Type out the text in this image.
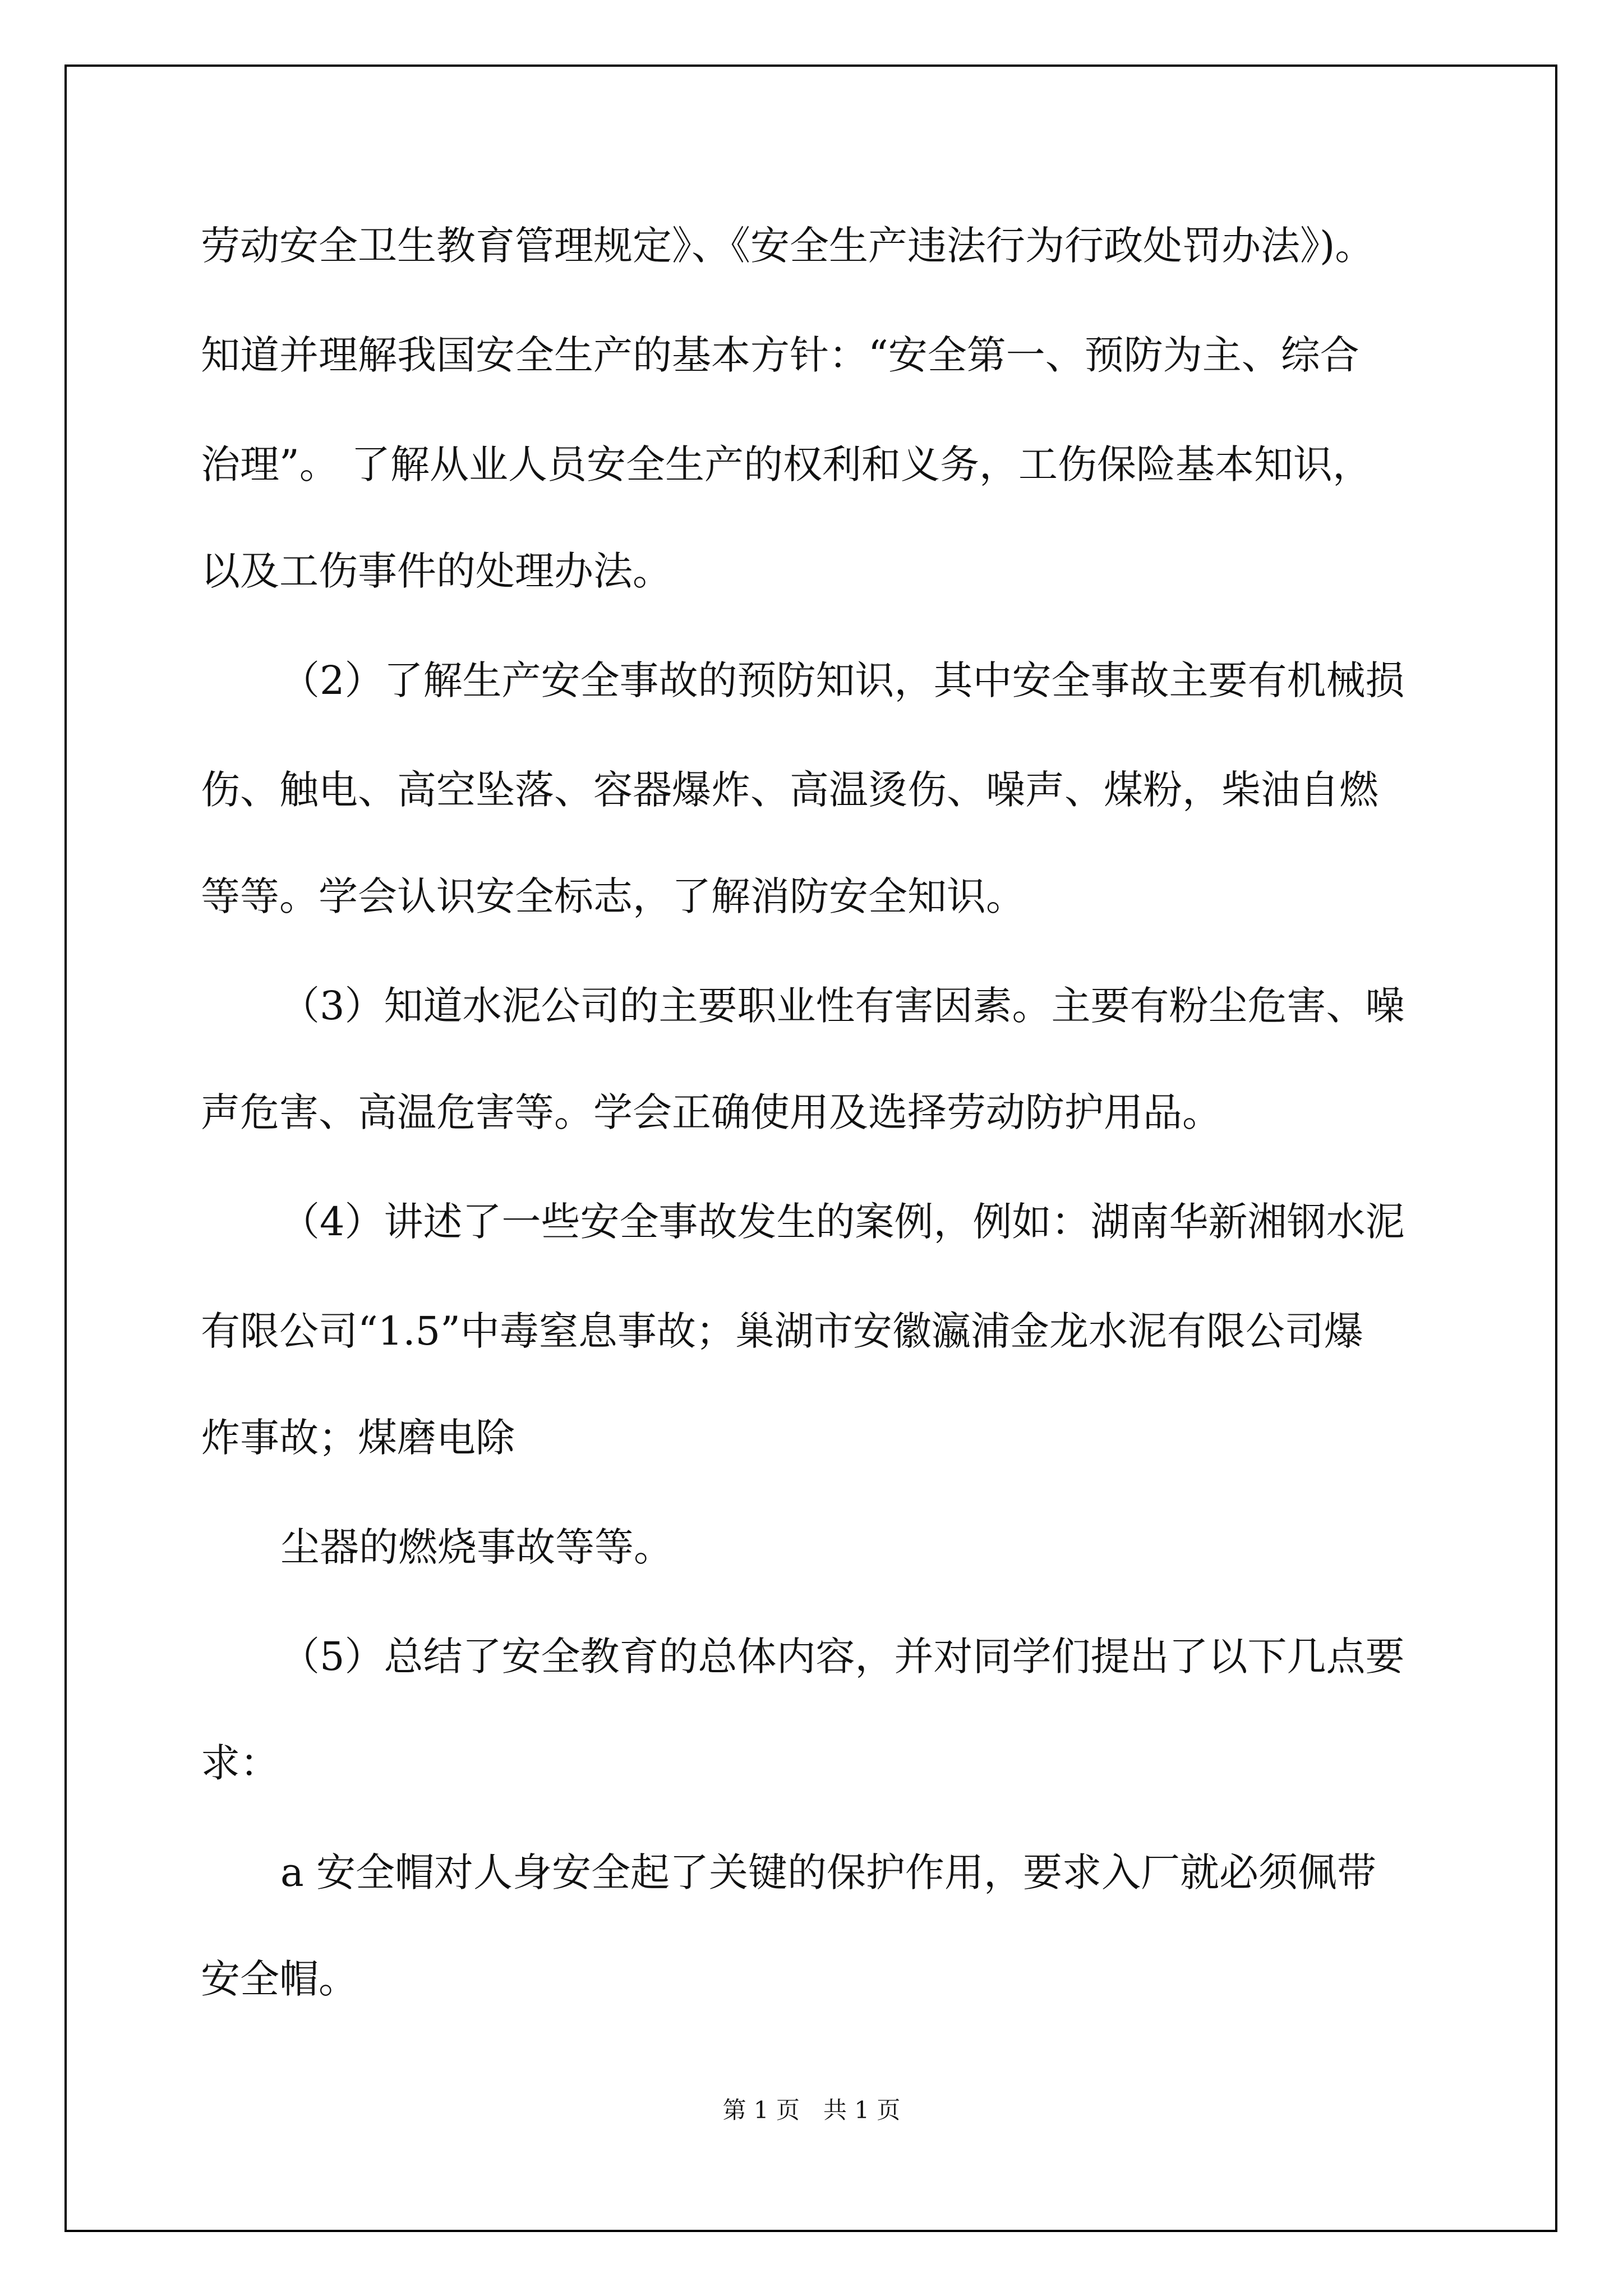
劳动安全卫生教育管理规定》、《安全生产违法行为行政处罚办法》)。

知道并理解我国安全生产的基本方针：“安全第一、预防为主、综合

治理”。 了解从业人员安全生产的权利和义务，工伤保险基本知识，

以及工伤事件的处理办法。

（2）了解生产安全事故的预防知识，其中安全事故主要有机械损

伤、触电、高空坠落、容器爆炸、高温烫伤、噪声、煤粉，柴油自燃

等等。学会认识安全标志，了解消防安全知识。

（3）知道水泥公司的主要职业性有害因素。主要有粉尘危害、噪

声危害、高温危害等。学会正确使用及选择劳动防护用品。

（4）讲述了一些安全事故发生的案例，例如：湖南华新湘钢水泥

有限公司“1.5”中毒窒息事故；巢湖市安徽瀛浦金龙水泥有限公司爆

炸事故；煤磨电除

尘器的燃烧事故等等。

（5）总结了安全教育的总体内容，并对同学们提出了以下几点要

求：

a 安全帽对人身安全起了关键的保护作用，要求入厂就必须佩带

安全帽。

第 1 页　共 1 页
